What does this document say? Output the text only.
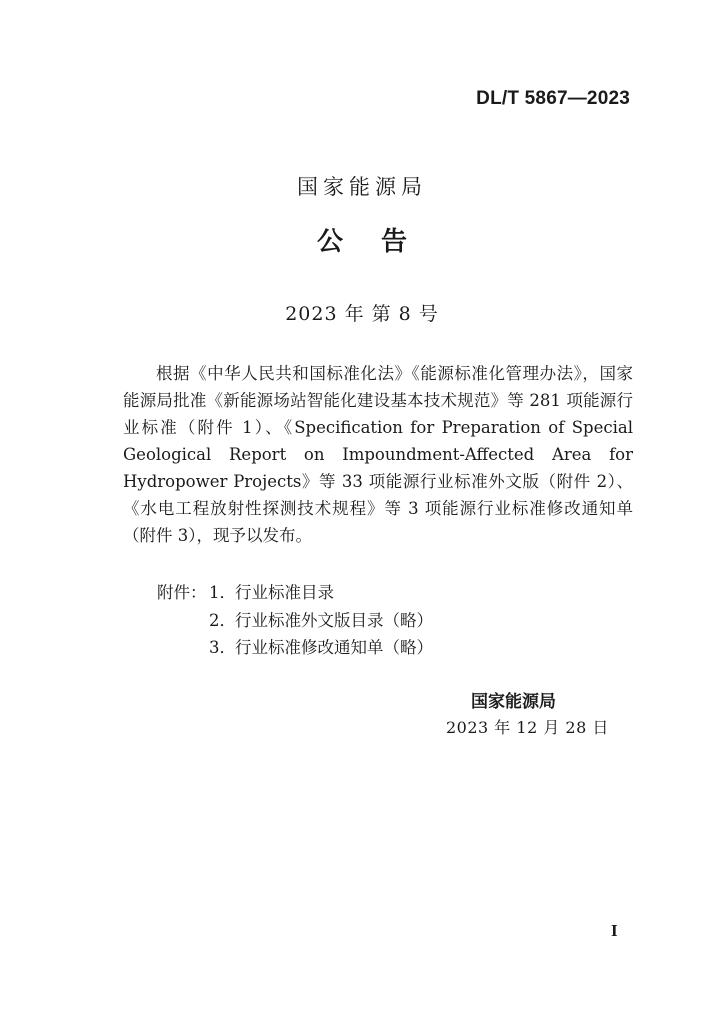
DL/T 5867—2023
国家能源局
公告
2023 年 第 8 号

根据《中华人民共和国标准化法》《能源标准化管理办法》，国家能源局批准《新能源场站智能化建设基本技术规范》等 281 项能源行业标准（附件 1）、《Specification for Preparation of Special Geological Report on Impoundment-Affected Area for Hydropower Projects》等 33 项能源行业标准外文版（附件 2）、《水电工程放射性探测技术规程》等 3 项能源行业标准修改通知单（附件 3），现予以发布。

附件： 1．行业标准目录
2．行业标准外文版目录（略）
3．行业标准修改通知单（略）
国家能源局
2023 年 12 月 28 日
I
